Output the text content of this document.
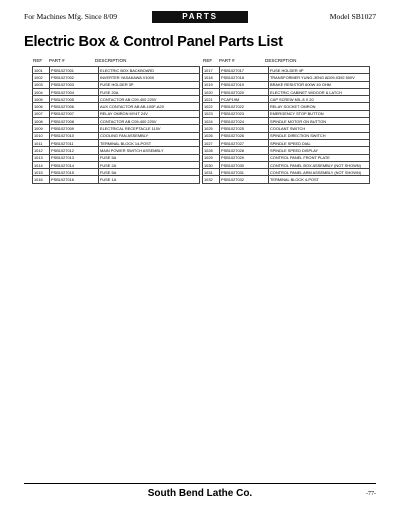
For Machines Mfg. Since 8/09	PARTS	Model SB1027
Electric Box & Control Panel Parts List
REF PART #	DESCRIPTION	REF PART #	DESCRIPTION
1001	PSB1027001	ELECTRIC BOX BACKBOARD
1002	PSB1027002	INVERTER YASAKAWA V1000
1003	PSB1027003	FUSE HOLDER 3P
1004	PSB1027004	FUSE 20A
1005	PSB1027005	CONTACTOR AB C09-400 220V
1006	PSB1027006	AUX CONTACTOR AB AB-100F-A20
1007	PSB1027007	RELAY OMRON MY4T 24V
1008	PSB1027008	CONTACTOR AB C09-400 220V
1009	PSB1027009	ELECTRICAL RECEPTACLE 110V
1010	PSB1027010	COOLING FAN ASSEMBLY
1011	PSB1027011	TERMINAL BLOCK 14-POST
1012	PSB1027012	MAIN POWER SWITCH ASSEMBLY
1013	PSB1027013	FUSE 5A
1014	PSB1027014	FUSE 2A
1015	PSB1027015	FUSE 5A
1016	PSB1027016	FUSE 1A
1017	PSB1027017	FUSE HOLDER 4P
1018	PSB1027018	TRANSFORMER YUNG-JENG AD09-0392 500V
1019	PSB1027019	BRAKE RESISTOR 600W 40 OHM
1020	PSB1027020	ELECTRIC CABINET W/DOOR & LATCH
1021	PCAP19M	CAP SCREW M5-.8 X 20
1022	PSB1027022	RELAY SOCKET OMRON
1023	PSB1027023	EMERGENCY STOP BUTTON
1024	PSB1027024	SPINDLE MOTOR ON BUTTON
1025	PSB1027025	COOLANT SWITCH
1026	PSB1027026	SPINDLE DIRECTION SWITCH
1027	PSB1027027	SPINDLE SPEED DIAL
1028	PSB1027028	SPINDLE SPEED DISPLAY
1029	PSB1027029	CONTROL PANEL FRONT PLATE
1030	PSB1027030	CONTROL PANEL BOX ASSEMBLY (NOT SHOWN)
1031	PSB1027031	CONTROL PANEL ARM ASSEMBLY (NOT SHOWN)
1032	PSB1027032	TERMINAL BLOCK 4-POST
South Bend Lathe Co.	-77-
